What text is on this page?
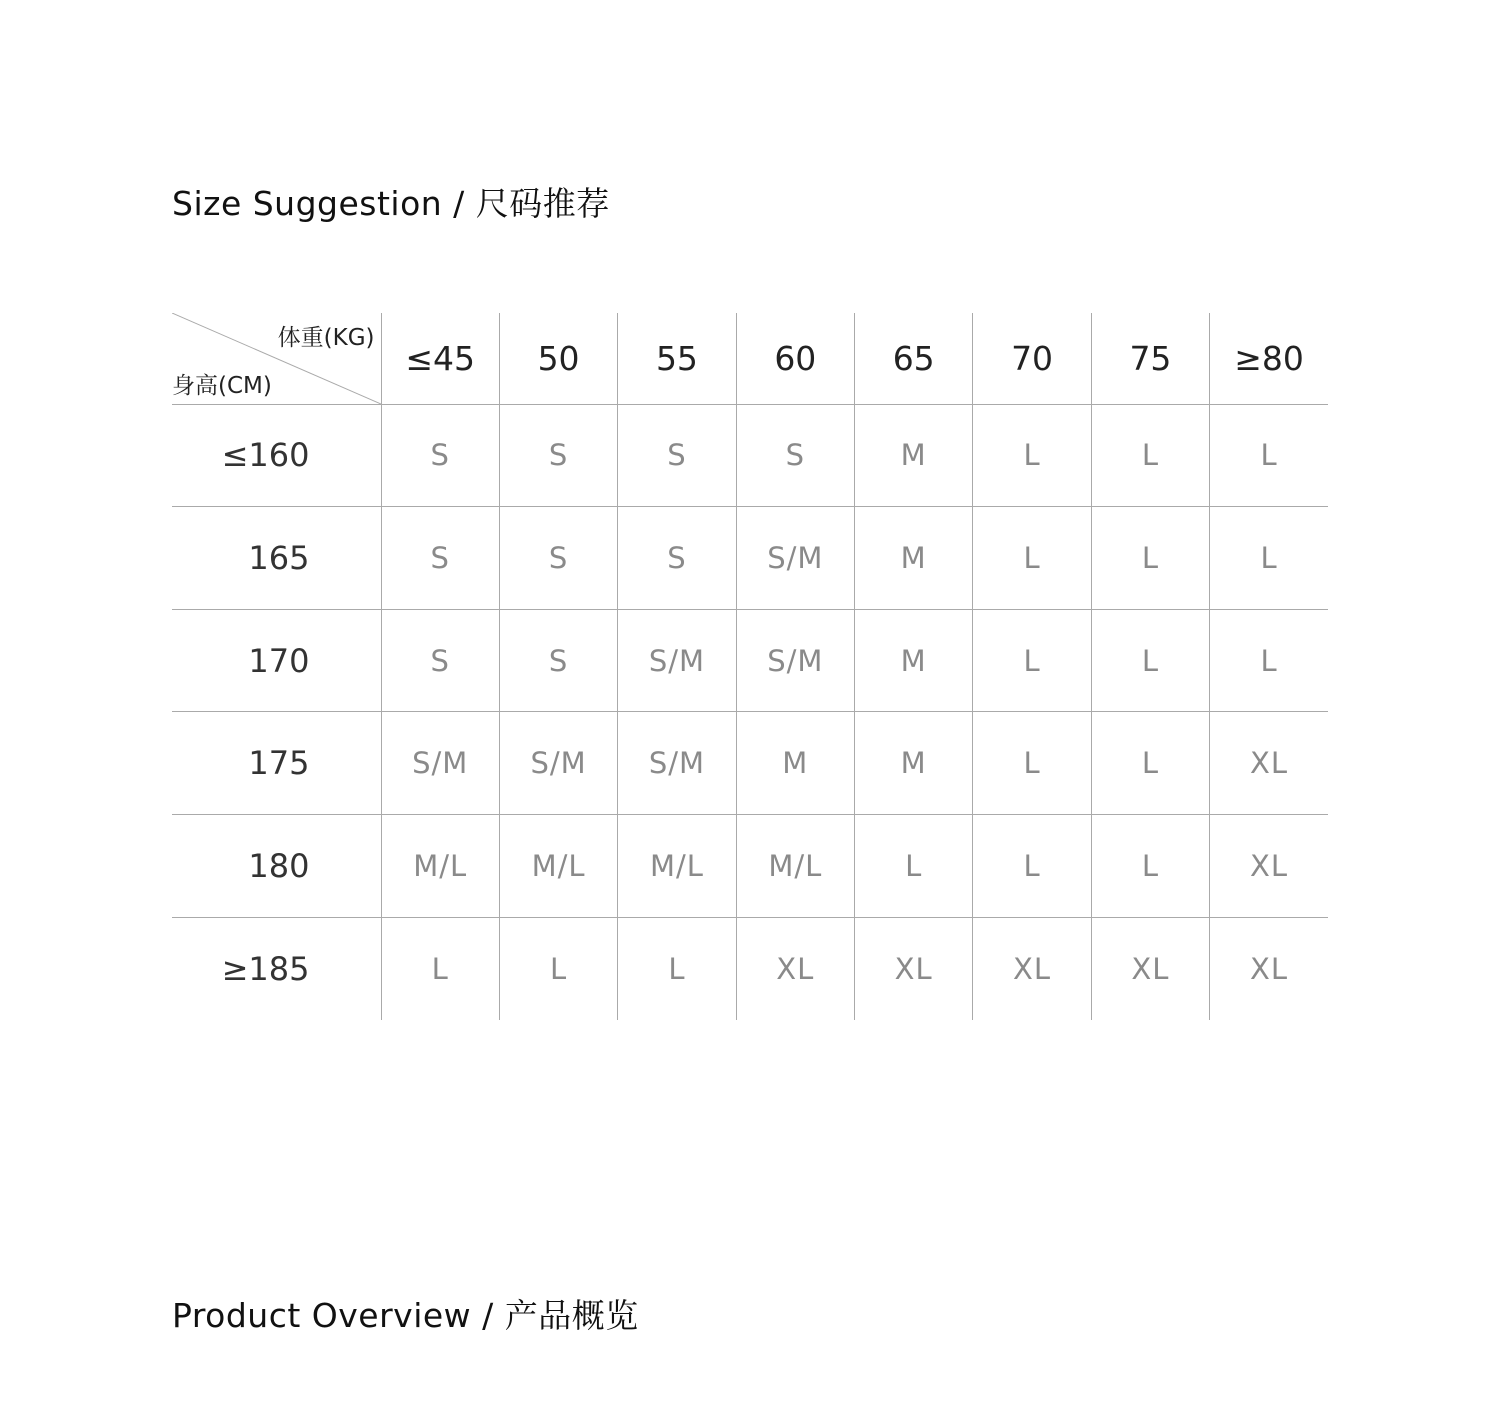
Size Suggestion / 尺码推荐
体重(KG)
身高(CM)	≤45	50	55	60	65	70	75	≥80
≤160	S	S	S	S	M	L	L	L
165	S	S	S	S/M	M	L	L	L
170	S	S	S/M	S/M	M	L	L	L
175	S/M	S/M	S/M	M	M	L	L	XL
180	M/L	M/L	M/L	M/L	L	L	L	XL
≥185	L	L	L	XL	XL	XL	XL	XL
Product Overview / 产品概览
